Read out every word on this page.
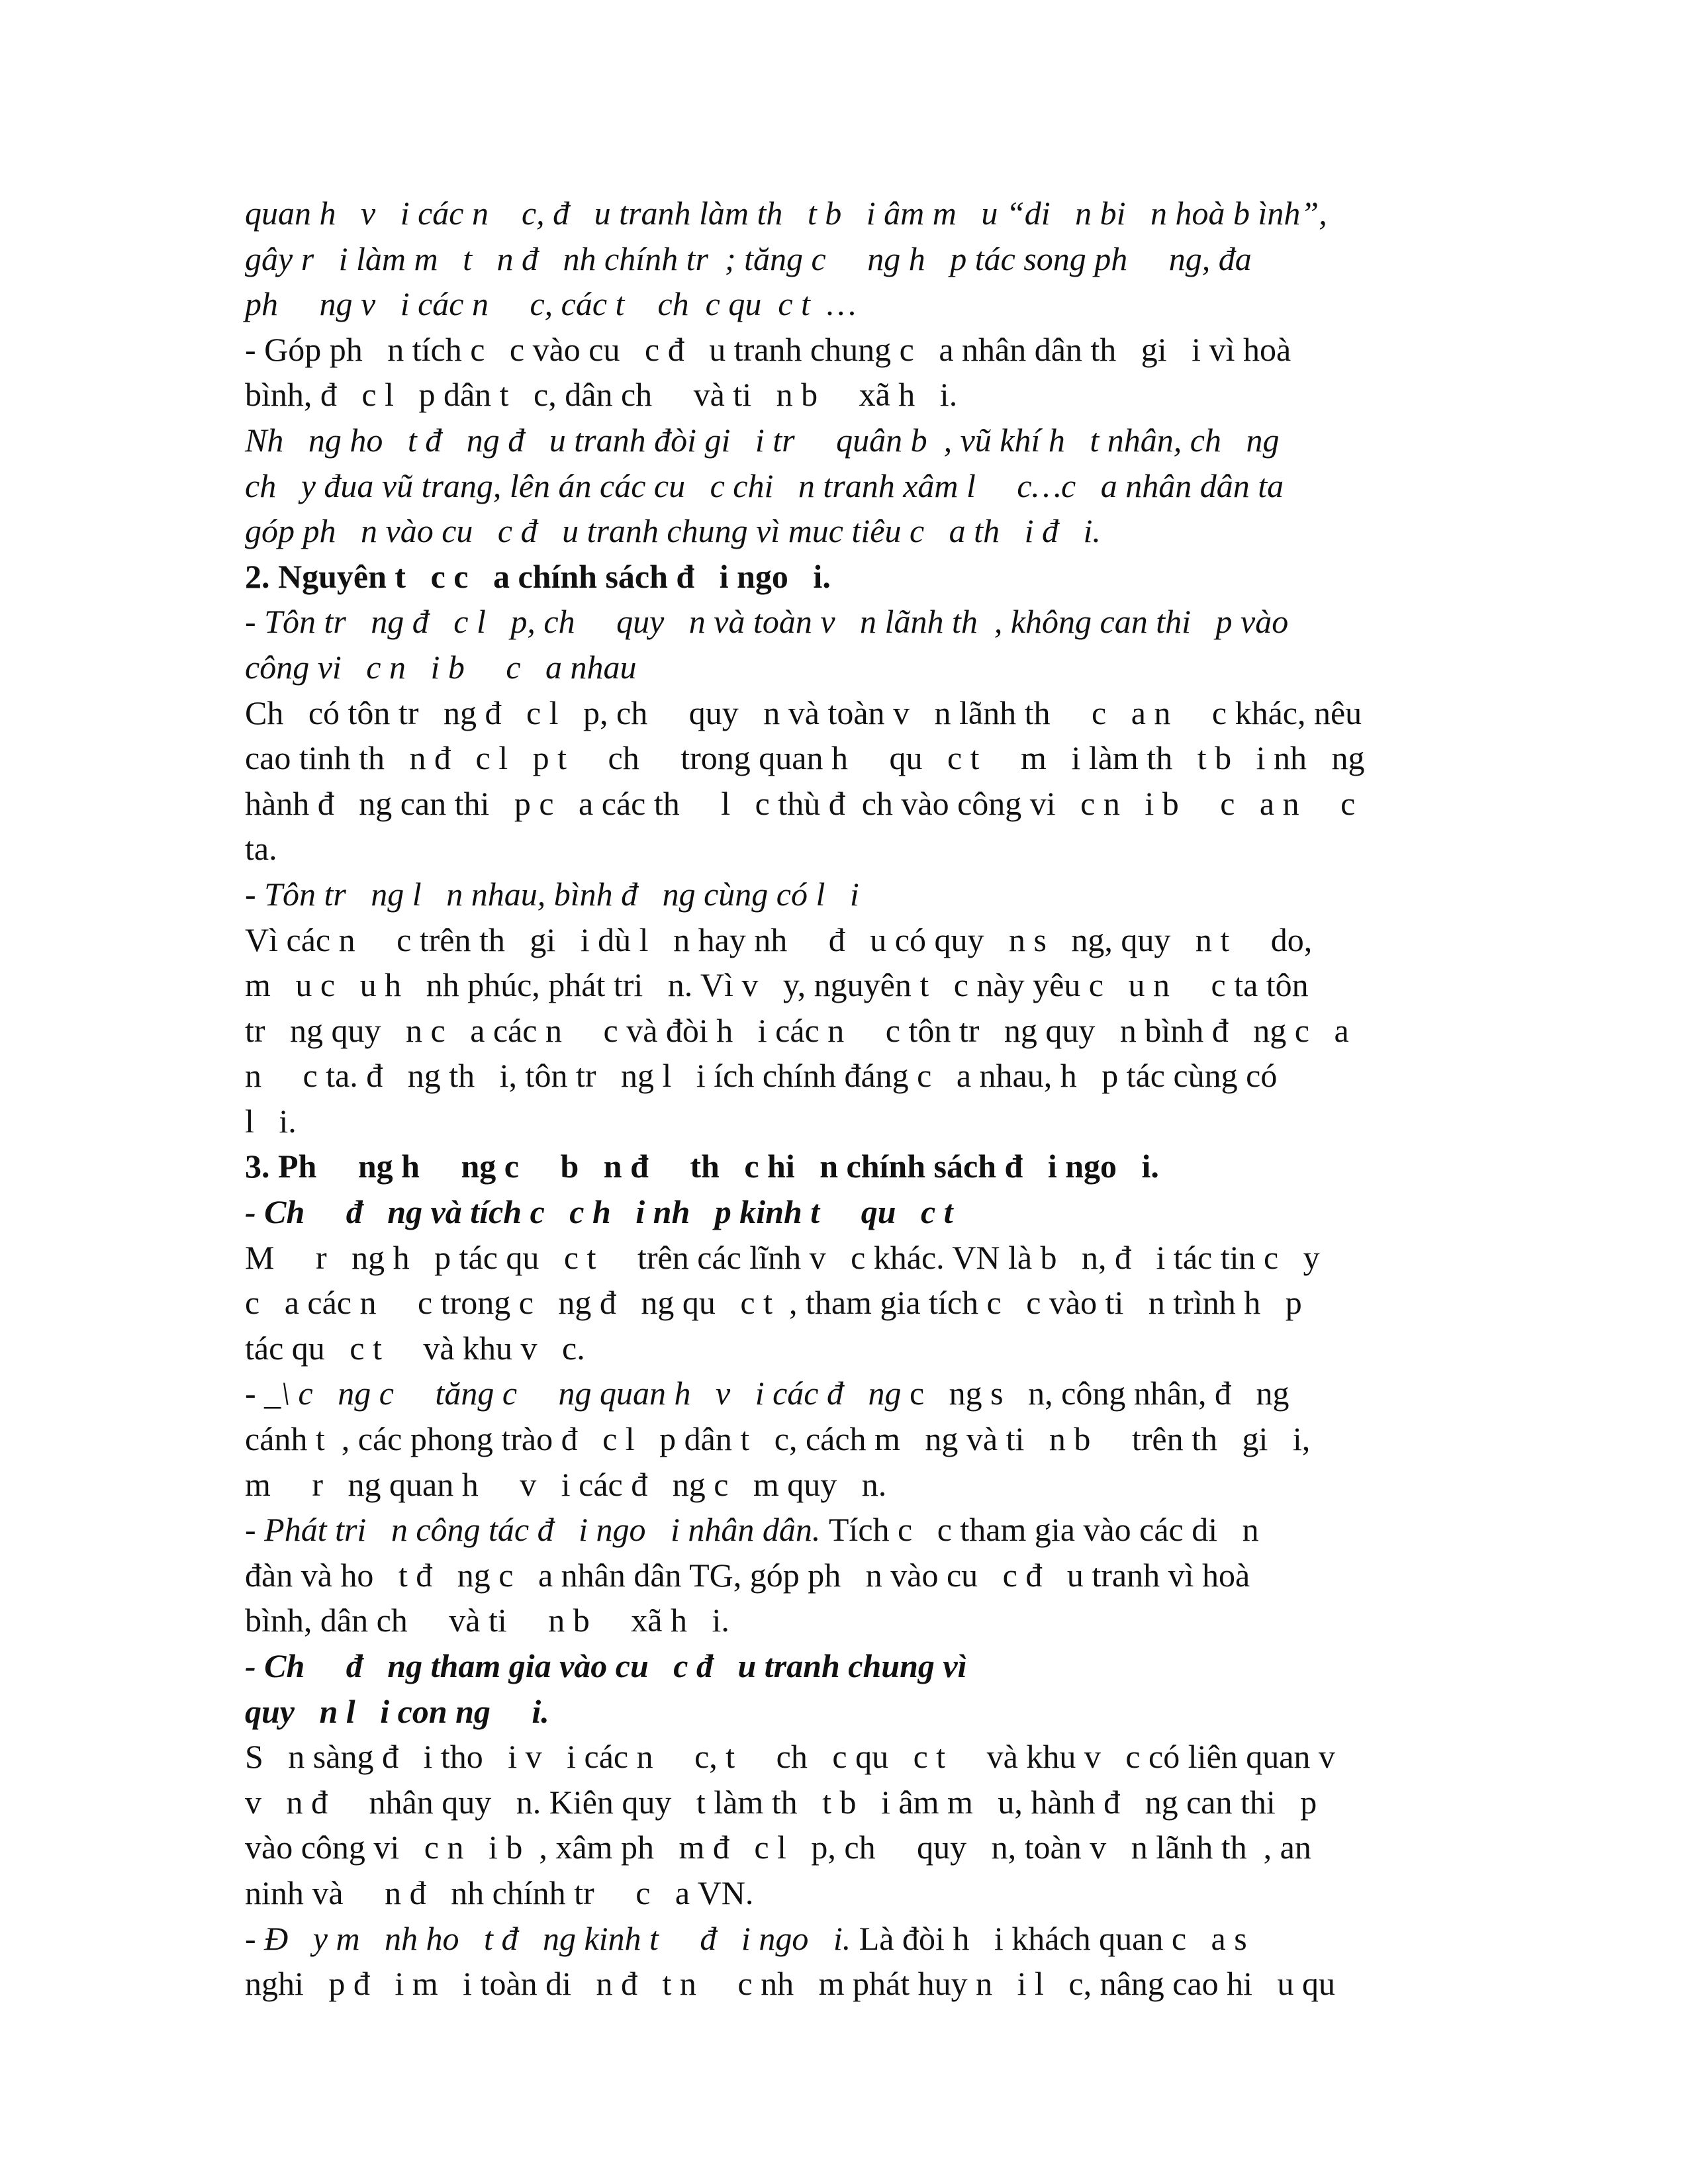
quan h   v   i các n    c, đ   u tranh làm th   t b   i âm m   u “di   n bi   n hoà b ình”,

gây r   i làm m   t   n đ   nh chính tr  ; tăng c     ng h   p tác song ph     ng, đa

ph     ng v   i các n     c, các t    ch  c qu  c t  …

- Góp ph   n tích c   c vào cu   c đ   u tranh chung c   a nhân dân th   gi   i vì hoà

bình, đ   c l   p dân t   c, dân ch     và ti   n b     xã h   i.

Nh   ng ho   t đ   ng đ   u tranh đòi gi   i tr     quân b  , vũ khí h   t nhân, ch   ng

ch   y đua vũ trang, lên án các cu   c chi   n tranh xâm l     c…c   a nhân dân ta

góp ph   n vào cu   c đ   u tranh chung vì muc tiêu c   a th   i đ   i.

2. Nguyên t   c c   a chính sách đ   i ngo   i.

- Tôn tr   ng đ   c l   p, ch     quy   n và toàn v   n lãnh th  , không can thi   p vào

công vi   c n   i b     c   a nhau

Ch   có tôn tr   ng đ   c l   p, ch     quy   n và toàn v   n lãnh th     c   a n     c khác, nêu

cao tinh th   n đ   c l   p t     ch     trong quan h     qu   c t     m   i làm th   t b   i nh   ng

hành đ   ng can thi   p c   a các th     l   c thù đ  ch vào công vi   c n   i b     c   a n     c

ta.

- Tôn tr   ng l   n nhau, bình đ   ng cùng có l   i

Vì các n     c trên th   gi   i dù l   n hay nh     đ   u có quy   n s   ng, quy   n t     do,

m   u c   u h   nh phúc, phát tri   n. Vì v   y, nguyên t   c này yêu c   u n     c ta tôn

tr   ng quy   n c   a các n     c và đòi h   i các n     c tôn tr   ng quy   n bình đ   ng c   a

n     c ta. đ   ng th   i, tôn tr   ng l   i ích chính đáng c   a nhau, h   p tác cùng có

l   i.

3. Ph     ng h     ng c     b   n đ     th   c hi   n chính sách đ   i ngo   i.

- Ch     đ   ng và tích c   c h   i nh   p kinh t     qu   c t

M     r   ng h   p tác qu   c t     trên các lĩnh v   c khác. VN là b   n, đ   i tác tin c   y

c   a các n     c trong c   ng đ   ng qu   c t  , tham gia tích c   c vào ti   n trình h   p

tác qu   c t     và khu v   c.

- _\ c   ng c     tăng c     ng quan h   v   i các đ   ng c   ng s   n, công nhân, đ   ng

cánh t  , các phong trào đ   c l   p dân t   c, cách m   ng và ti   n b     trên th   gi   i,

m     r   ng quan h     v   i các đ   ng c   m quy   n.

- Phát tri   n công tác đ   i ngo   i nhân dân. Tích c   c tham gia vào các di   n

đàn và ho   t đ   ng c   a nhân dân TG, góp ph   n vào cu   c đ   u tranh vì hoà

bình, dân ch     và ti     n b     xã h   i.

- Ch     đ   ng tham gia vào cu   c đ   u tranh chung vì

quy   n l   i con ng     i.

S   n sàng đ   i tho   i v   i các n     c, t     ch   c qu   c t     và khu v   c có liên quan v

v   n đ     nhân quy   n. Kiên quy   t làm th   t b   i âm m   u, hành đ   ng can thi   p

vào công vi   c n   i b  , xâm ph   m đ   c l   p, ch     quy   n, toàn v   n lãnh th  , an

ninh và     n đ   nh chính tr     c   a VN.

- Đ   y m   nh ho   t đ   ng kinh t     đ   i ngo   i. Là đòi h   i khách quan c   a s

nghi   p đ   i m   i toàn di   n đ   t n     c nh   m phát huy n   i l   c, nâng cao hi   u qu
